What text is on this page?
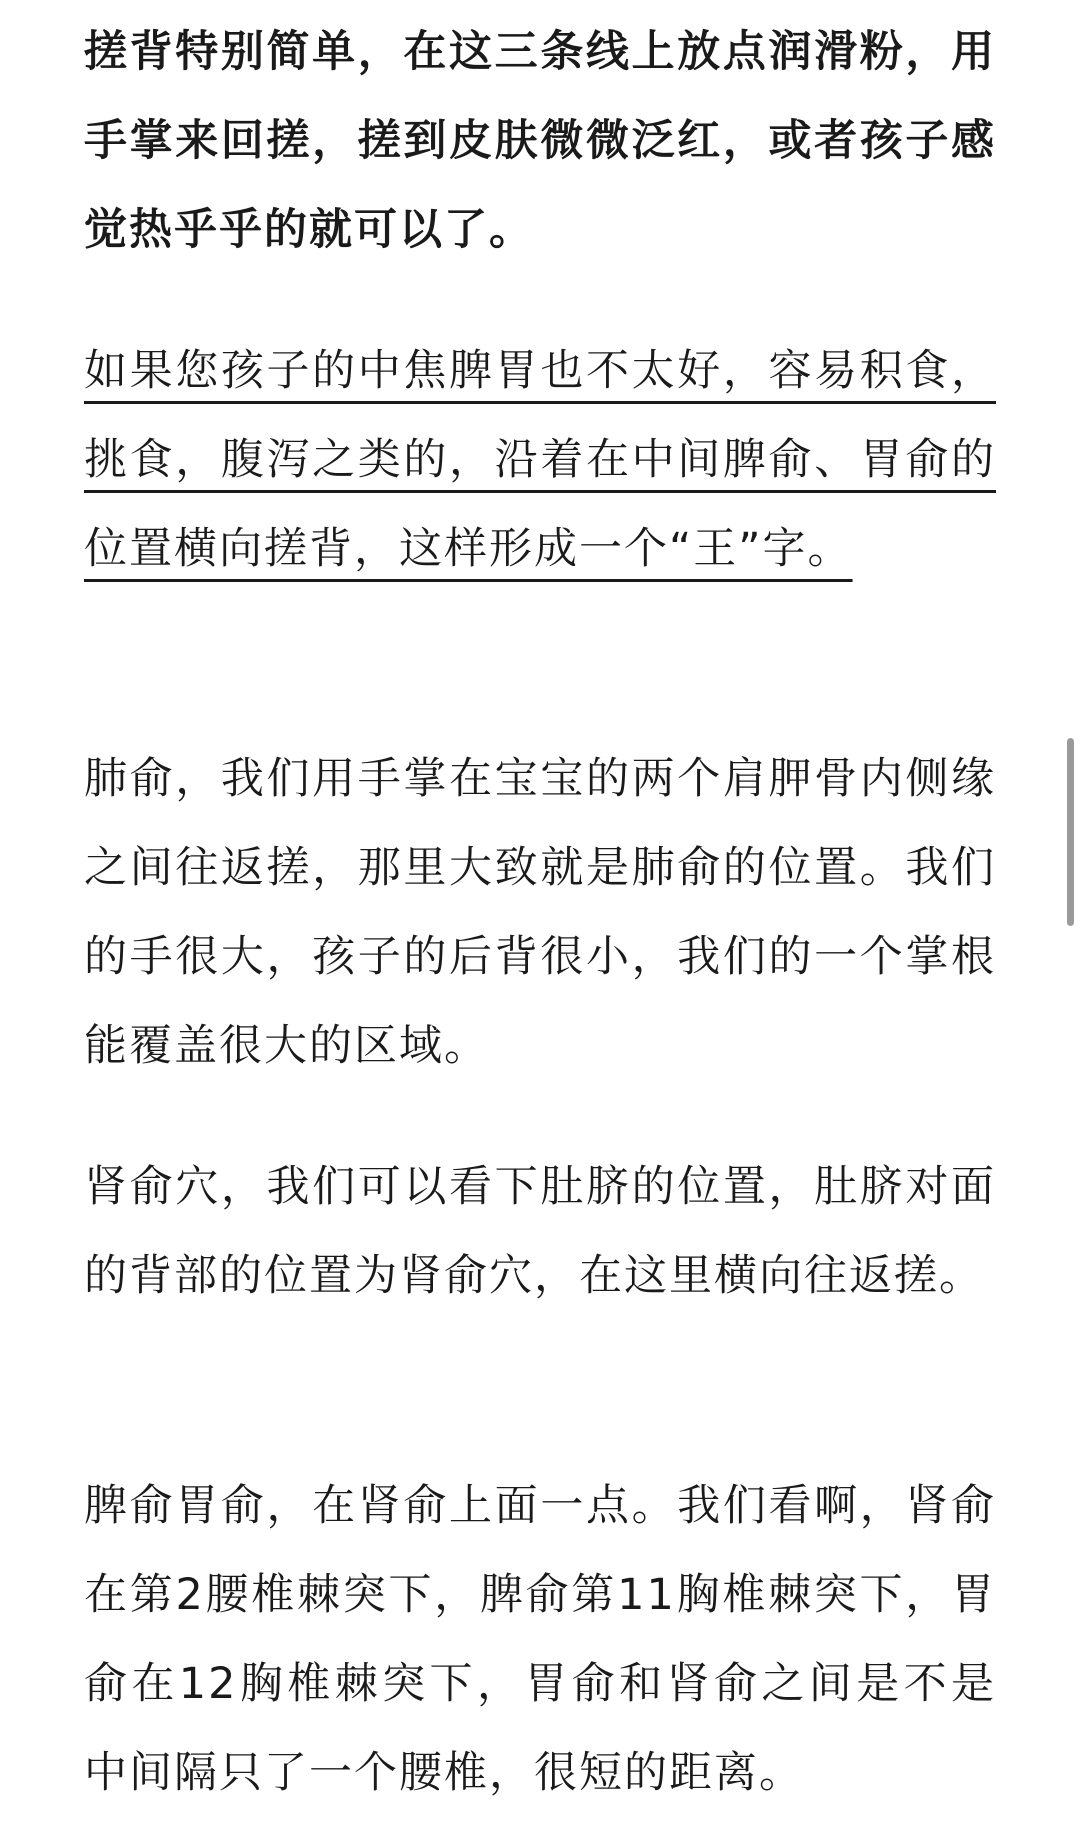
搓背特别简单，在这三条线上放点润滑粉，用手掌来回搓，搓到皮肤微微泛红，或者孩子感觉热乎乎的就可以了。

如果您孩子的中焦脾胃也不太好，容易积食，挑食，腹泻之类的，沿着在中间脾俞、胃俞的位置横向搓背，这样形成一个“王”字。

肺俞，我们用手掌在宝宝的两个肩胛骨内侧缘之间往返搓，那里大致就是肺俞的位置。我们的手很大，孩子的后背很小，我们的一个掌根能覆盖很大的区域。

肾俞穴，我们可以看下肚脐的位置，肚脐对面的背部的位置为肾俞穴，在这里横向往返搓。

脾俞胃俞，在肾俞上面一点。我们看啊，肾俞在第2腰椎棘突下，脾俞第11胸椎棘突下，胃俞在12胸椎棘突下，胃俞和肾俞之间是不是中间隔只了一个腰椎，很短的距离。
